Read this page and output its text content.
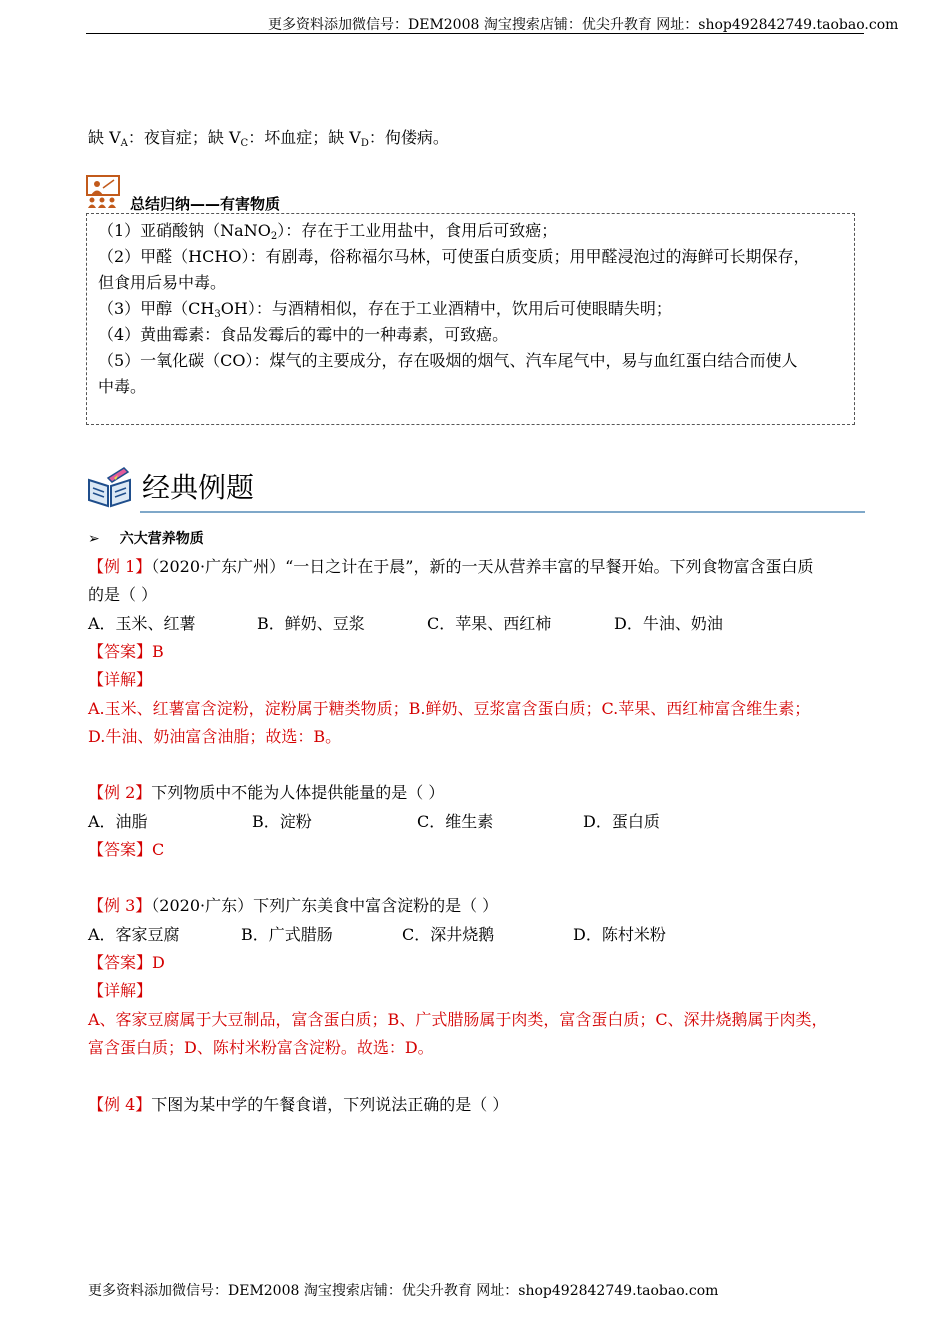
更多资料添加微信号：DEM2008 淘宝搜索店铺：优尖升教育 网址：shop492842749.taobao.com
缺 $V_A$：夜盲症；缺 $V_C$：坏血症；缺 $V_D$：佝偻病。
总结归纳——有害物质
（1）亚硝酸钠（NaNO$_2$）：存在于工业用盐中，食用后可致癌；
（2）甲醛（HCHO）：有剧毒，俗称福尔马林，可使蛋白质变质；用甲醛浸泡过的海鲜可长期保存，
但食用后易中毒。
（3）甲醇$(CH_3OH)$：与酒精相似，存在于工业酒精中，饮用后可使眼睛失明；
（4）黄曲霉素：食品发霉后的霉中的一种毒素，可致癌。
（5）一氧化碳（CO）：煤气的主要成分，存在吸烟的烟气、汽车尾气中，易与血红蛋白结合而使人
中毒。
经典例题
➢ 六大营养物质
【例 1】（2020·广东广州）“一日之计在于晨”，新的一天从营养丰富的早餐开始。下列食物富含蛋白质
的是（ ）
A．玉米、红薯	B．鲜奶、豆浆	C．苹果、西红柿	D．牛油、奶油
【答案】B
【详解】
A.玉米、红薯富含淀粉，淀粉属于糖类物质；B.鲜奶、豆浆富含蛋白质；C.苹果、西红柿富含维生素；
D.牛油、奶油富含油脂；故选：B。
【例 2】下列物质中不能为人体提供能量的是（ ）
A．油脂	B．淀粉	C．维生素	D．蛋白质
【答案】C
【例 3】（2020·广东）下列广东美食中富含淀粉的是（ ）
A．客家豆腐	B．广式腊肠	C．深井烧鹅	D．陈村米粉
【答案】D
【详解】
A、客家豆腐属于大豆制品，富含蛋白质；B、广式腊肠属于肉类，富含蛋白质；C、深井烧鹅属于肉类，
富含蛋白质；D、陈村米粉富含淀粉。故选：D。
【例 4】下图为某中学的午餐食谱，下列说法正确的是（ ）
更多资料添加微信号：DEM2008 淘宝搜索店铺：优尖升教育 网址：shop492842749.taobao.com
